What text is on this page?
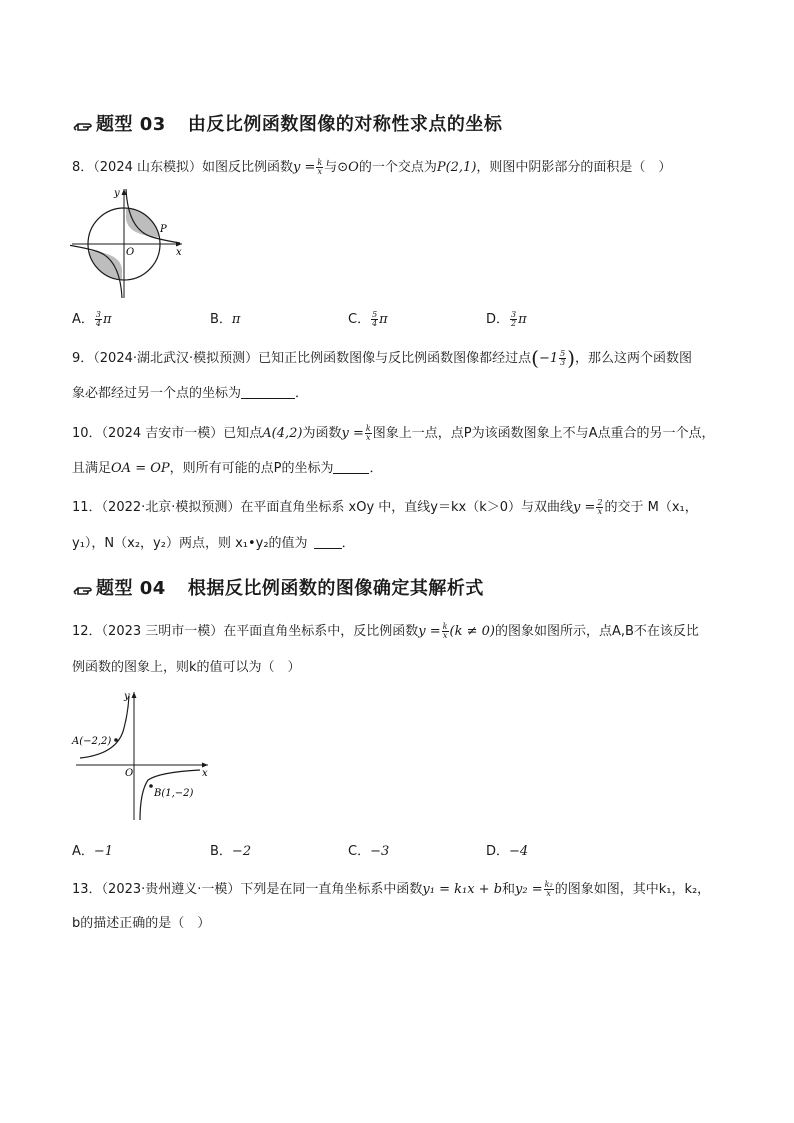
题型 03 由反比例函数图像的对称性求点的坐标
8．（2024 山东模拟）如图反比例函数$y = \frac{k}{x}$ 与⊙O的一个交点为P(2,1)，则图中阴影部分的面积是（　）
y
x
O
P
A． $\frac{3}{4}$ π	B．π	C． $\frac{5}{4}$ π	D． $\frac{3}{2}$ π
9．（2024·湖北武汉·模拟预测）已知正比例函数图像与反比例函数图像都经过点($-1 \frac{5}{3}$ )，那么这两个函数图
象必都经过另一个点的坐标为	．
10．（2024 吉安市一模）已知点A(4,2)为函数$y = \frac{k}{x}$ 图象上一点，点P为该函数图象上不与A点重合的另一个点，
且满足OA = OP，则所有可能的点P的坐标为	．
11．（2022·北京·模拟预测）在平面直角坐标系 xOy 中，直线y＝kx（k＞0）与双曲线$y = \frac{2}{x}$ 的交于 M（x₁，
y₁），N（x₂，y₂）两点，则 x₁•y₂的值为	．
题型 04 根据反比例函数的图像确定其解析式
12．（2023 三明市一模）在平面直角坐标系中，反比例函数$y = \frac{k}{x} (k \ne 0)$的图象如图所示，点A,B不在该反比
例函数的图象上，则k的值可以为（　）
A(−2,2)
B(1,−2)
O
y
x
A．−1	B．−2	C．−3	D．−4
13．（2023·贵州遵义·一模）下列是在同一直角坐标系中函数y₁ = k₁x + b和$y_2 = \frac{\text{k₂}}{x}$ 的图象如图，其中k₁，k₂，
b的描述正确的是（　）
